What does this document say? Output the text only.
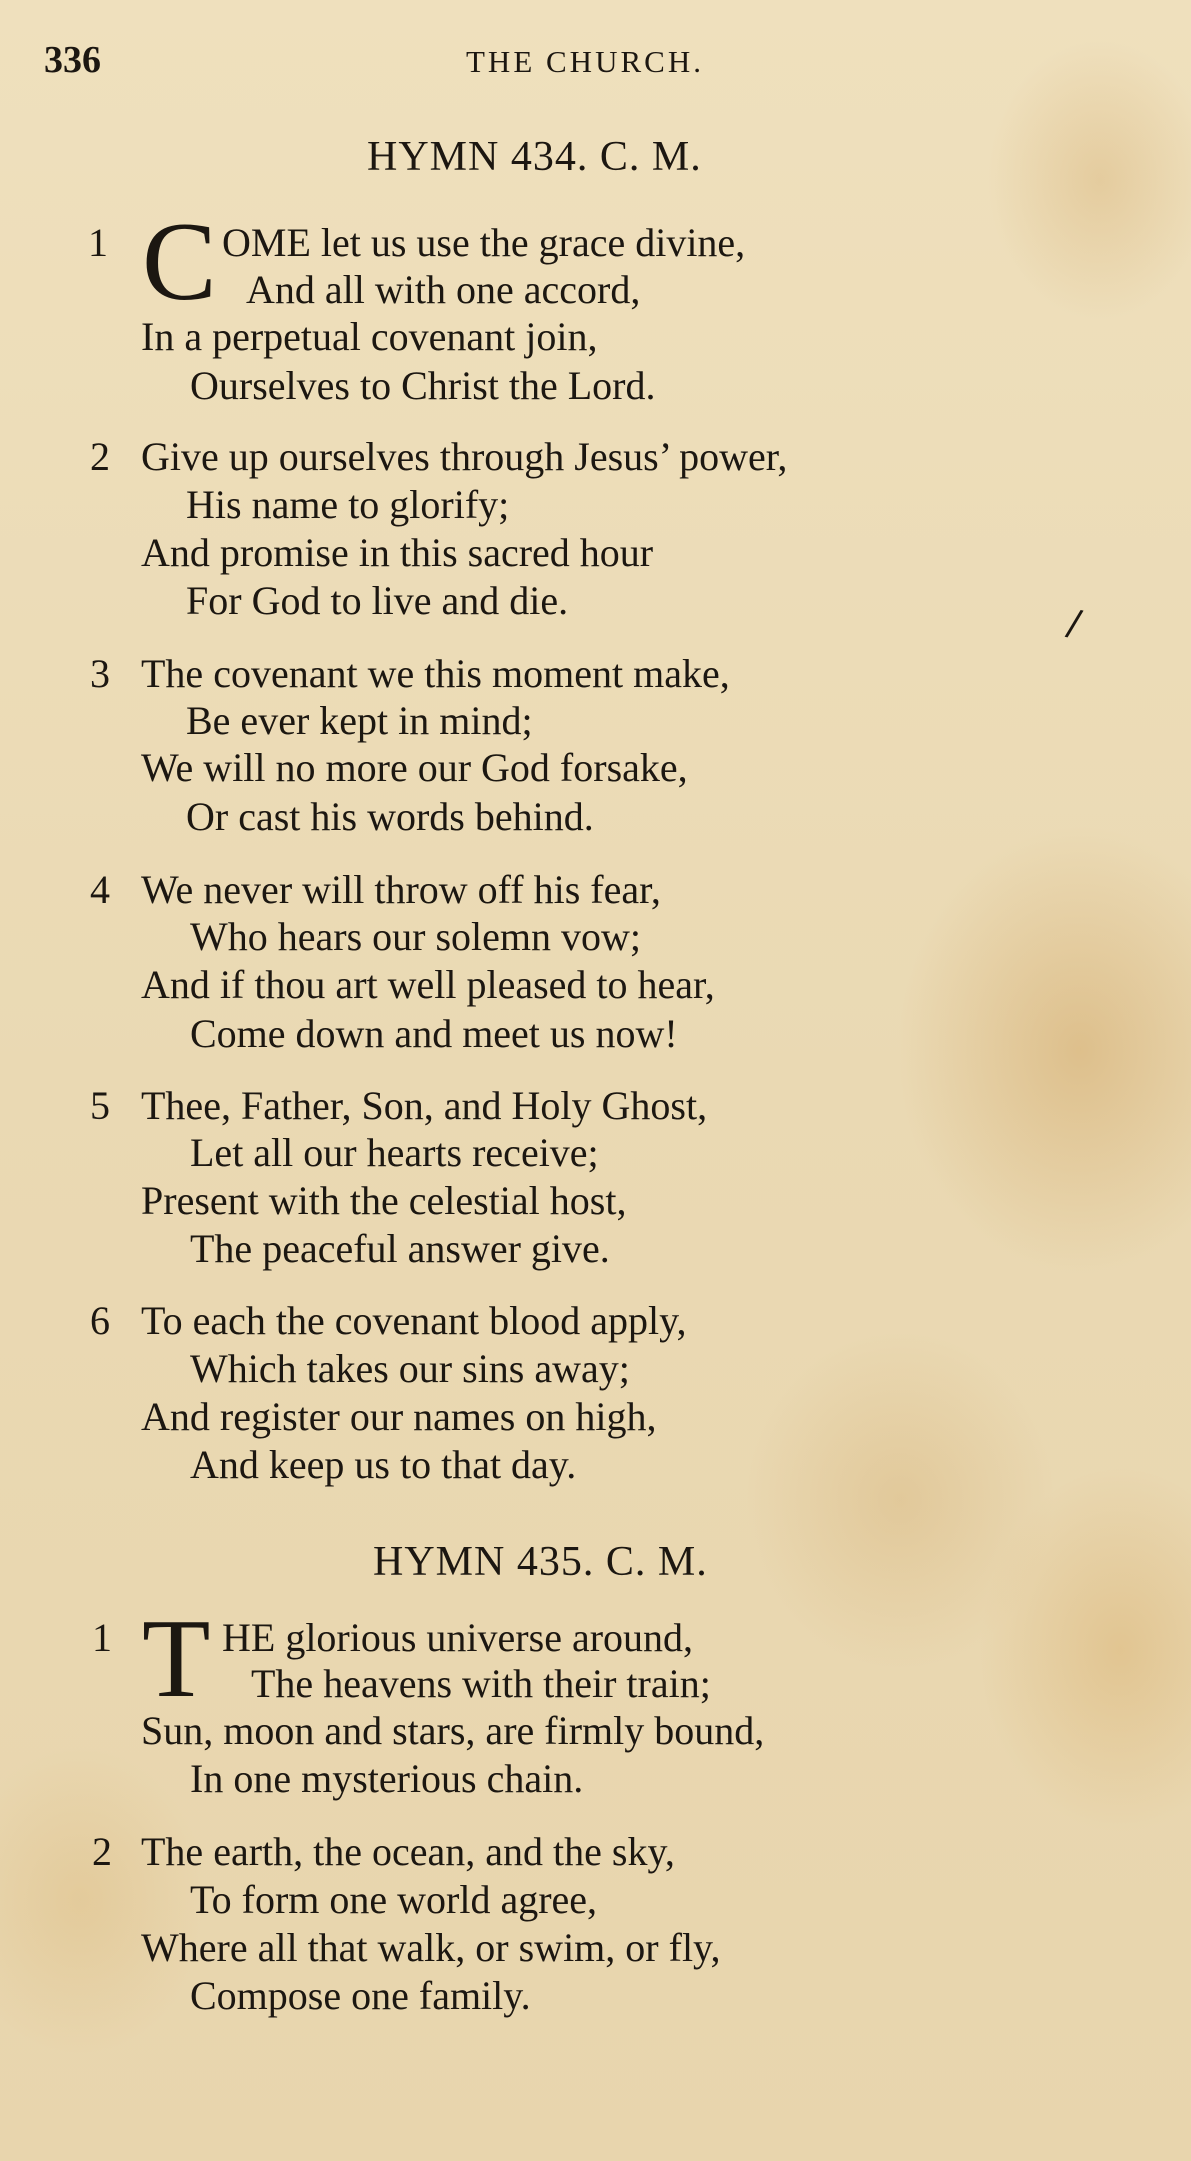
336	THE CHURCH.
HYMN 434. C. M.
1 C OME let us use the grace divine,
And all with one accord,
In a perpetual covenant join,
Ourselves to Christ the Lord.
2 Give up ourselves through Jesus’ power,
His name to glorify;
And promise in this sacred hour
For God to live and die.
3 The covenant we this moment make,
Be ever kept in mind;
We will no more our God forsake,
Or cast his words behind.
4 We never will throw off his fear,
Who hears our solemn vow;
And if thou art well pleased to hear,
Come down and meet us now!
5 Thee, Father, Son, and Holy Ghost,
Let all our hearts receive;
Present with the celestial host,
The peaceful answer give.
6 To each the covenant blood apply,
Which takes our sins away;
And register our names on high,
And keep us to that day.
HYMN 435. C. M.
1 T HE glorious universe around,
The heavens with their train;
Sun, moon and stars, are firmly bound,
In one mysterious chain.
2 The earth, the ocean, and the sky,
To form one world agree,
Where all that walk, or swim, or fly,
Compose one family.
/
